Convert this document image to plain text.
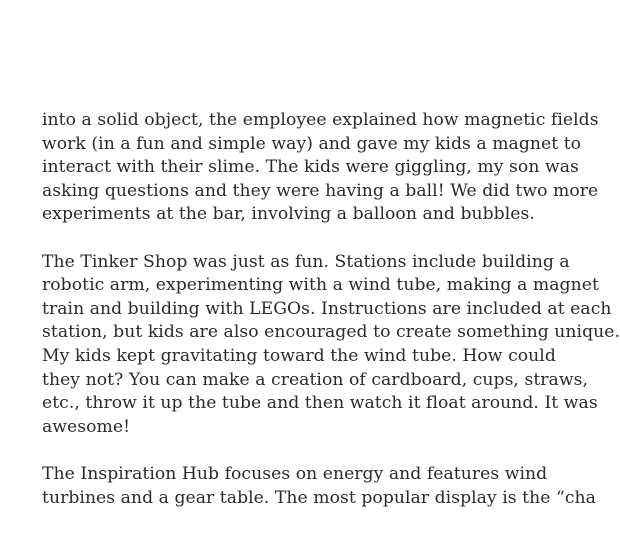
into a solid object, the employee explained how magnetic fields
work (in a fun and simple way) and gave my kids a magnet to
interact with their slime. The kids were giggling, my son was
asking questions and they were having a ball! We did two more
experiments at the bar, involving a balloon and bubbles.

The Tinker Shop was just as fun. Stations include building a
robotic arm, experimenting with a wind tube, making a magnet
train and building with LEGOs. Instructions are included at each
station, but kids are also encouraged to create something unique.
My kids kept gravitating toward the wind tube. How could
they not? You can make a creation of cardboard, cups, straws,
etc., throw it up the tube and then watch it float around. It was
awesome!

The Inspiration Hub focuses on energy and features wind
turbines and a gear table. The most popular display is the “cha
